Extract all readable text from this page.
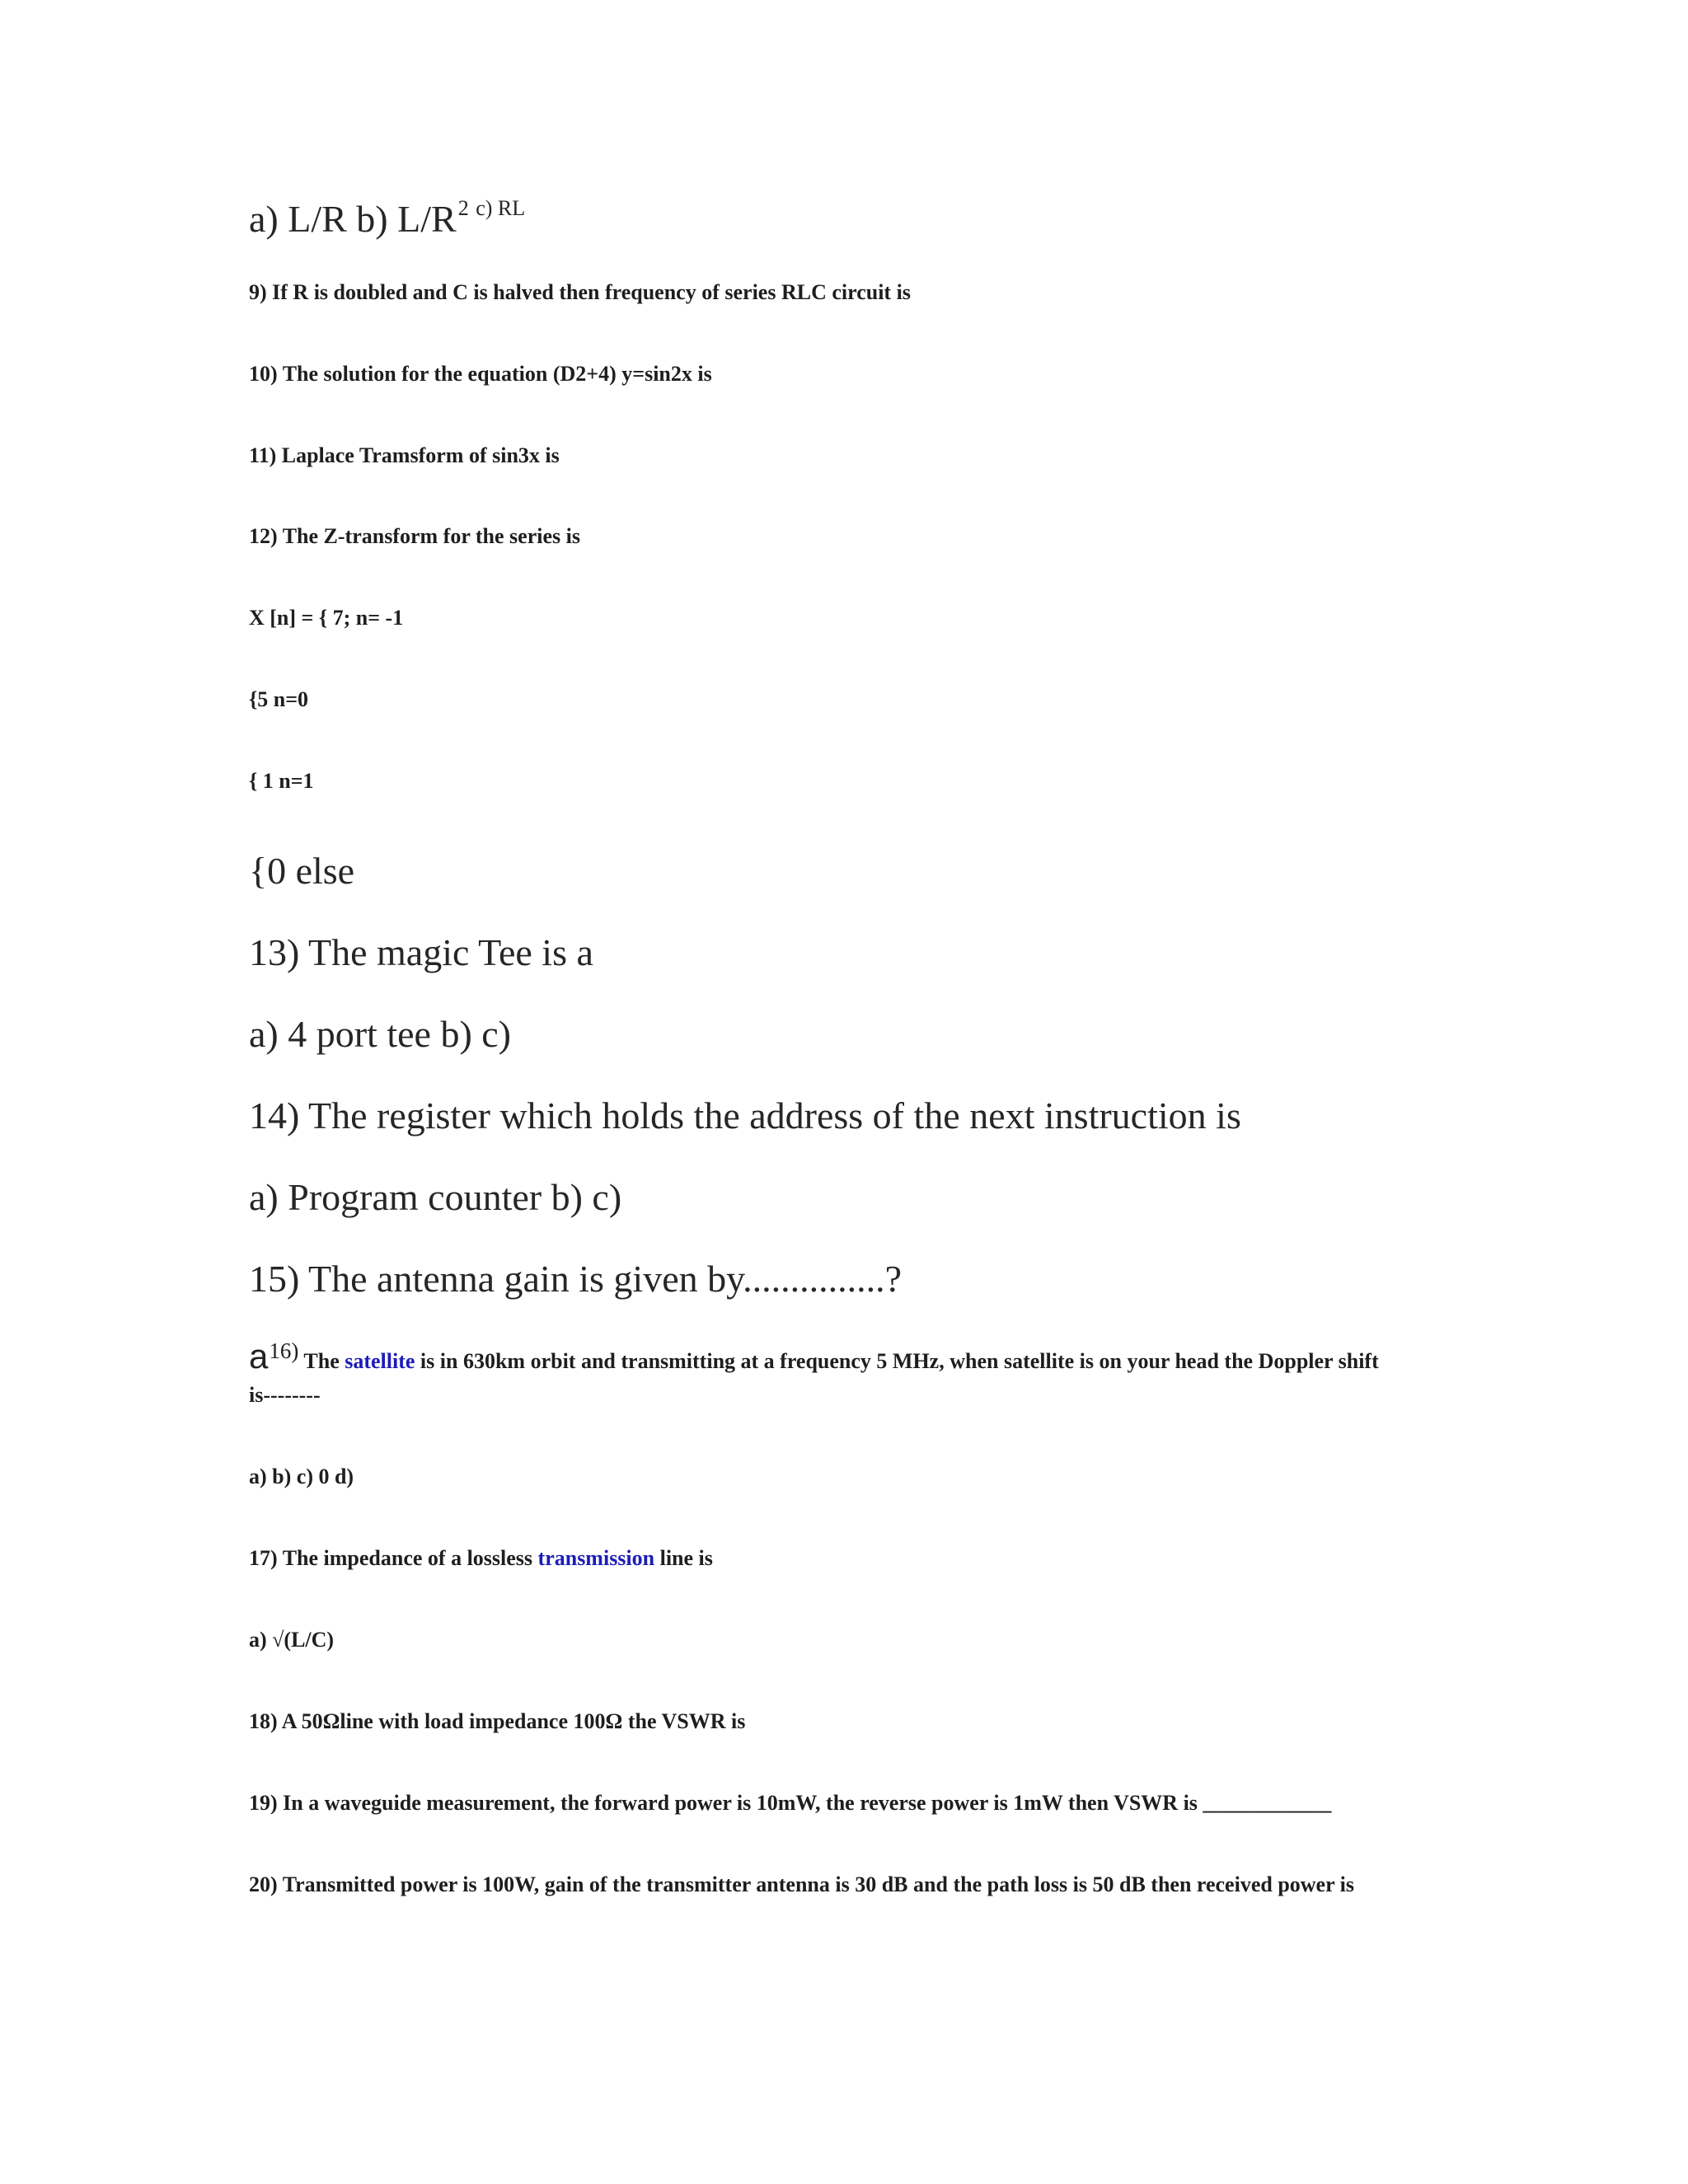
a) L/R b) $L/R^2$ $^{c) RL}$
9) If R is doubled and C is halved then frequency of series RLC circuit is
10) The solution for the equation (D2+4) y=sin2x is
11) Laplace Tramsform of sin3x is
12) The Z-transform for the series is
X [n] = { 7; n= -1
{5 n=0
{ 1 n=1
{0 else
13) The magic Tee is a
a) 4 port tee b) c)
14) The register which holds the address of the next instruction is
a) Program counter b) c)
15) The antenna gain is given by...............?
a16) The satellite is in 630km orbit and transmitting at a frequency 5 MHz, when satellite is on your head the Doppler shift
is--------
a) b) c) 0 d)
17) The impedance of a lossless transmission line is
a) √(L/C)
18) A 50Ωline with load impedance 100Ω the VSWR is
19) In a waveguide measurement, the forward power is 10mW, the reverse power is 1mW then VSWR is ____________
20) Transmitted power is 100W, gain of the transmitter antenna is 30 dB and the path loss is 50 dB then received power is
